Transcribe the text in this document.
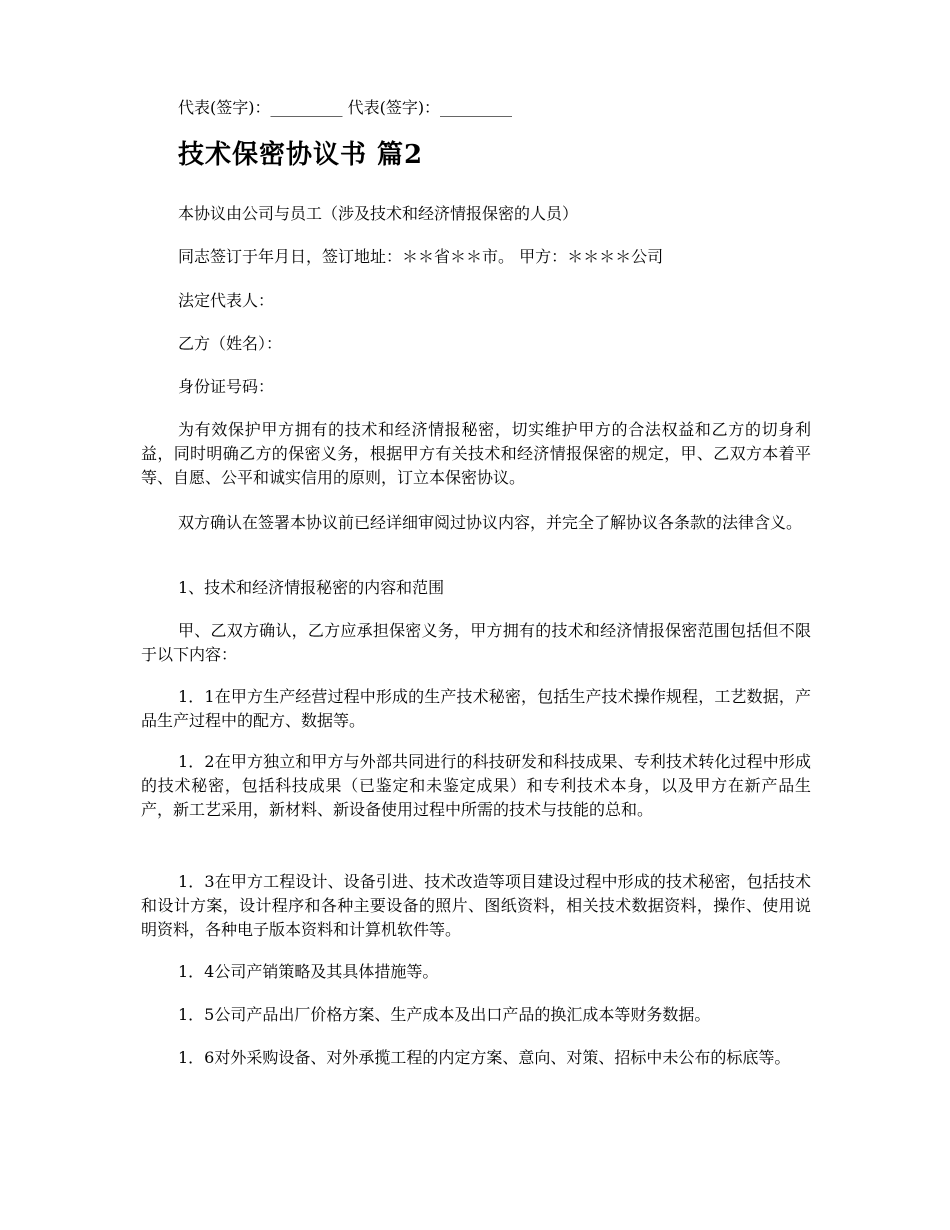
代表(签字)：_________ 代表(签字)：_________

技术保密协议书 篇2

本协议由公司与员工（涉及技术和经济情报保密的人员）

同志签订于年月日，签订地址：＊＊省＊＊市。 甲方：＊＊＊＊公司

法定代表人：

乙方（姓名）：

身份证号码：

为有效保护甲方拥有的技术和经济情报秘密，切实维护甲方的合法权益和乙方的切身利益，同时明确乙方的保密义务，根据甲方有关技术和经济情报保密的规定，甲、乙双方本着平等、自愿、公平和诚实信用的原则，订立本保密协议。

双方确认在签署本协议前已经详细审阅过协议内容，并完全了解协议各条款的法律含义。

1、技术和经济情报秘密的内容和范围

甲、乙双方确认，乙方应承担保密义务，甲方拥有的技术和经济情报保密范围包括但不限于以下内容：

1．1在甲方生产经营过程中形成的生产技术秘密，包括生产技术操作规程，工艺数据，产品生产过程中的配方、数据等。

1．2在甲方独立和甲方与外部共同进行的科技研发和科技成果、专利技术转化过程中形成的技术秘密，包括科技成果（已鉴定和未鉴定成果）和专利技术本身，以及甲方在新产品生产，新工艺采用，新材料、新设备使用过程中所需的技术与技能的总和。

1．3在甲方工程设计、设备引进、技术改造等项目建设过程中形成的技术秘密，包括技术和设计方案，设计程序和各种主要设备的照片、图纸资料，相关技术数据资料，操作、使用说明资料，各种电子版本资料和计算机软件等。

1．4公司产销策略及其具体措施等。

1．5公司产品出厂价格方案、生产成本及出口产品的换汇成本等财务数据。

1．6对外采购设备、对外承揽工程的内定方案、意向、对策、招标中未公布的标底等。
